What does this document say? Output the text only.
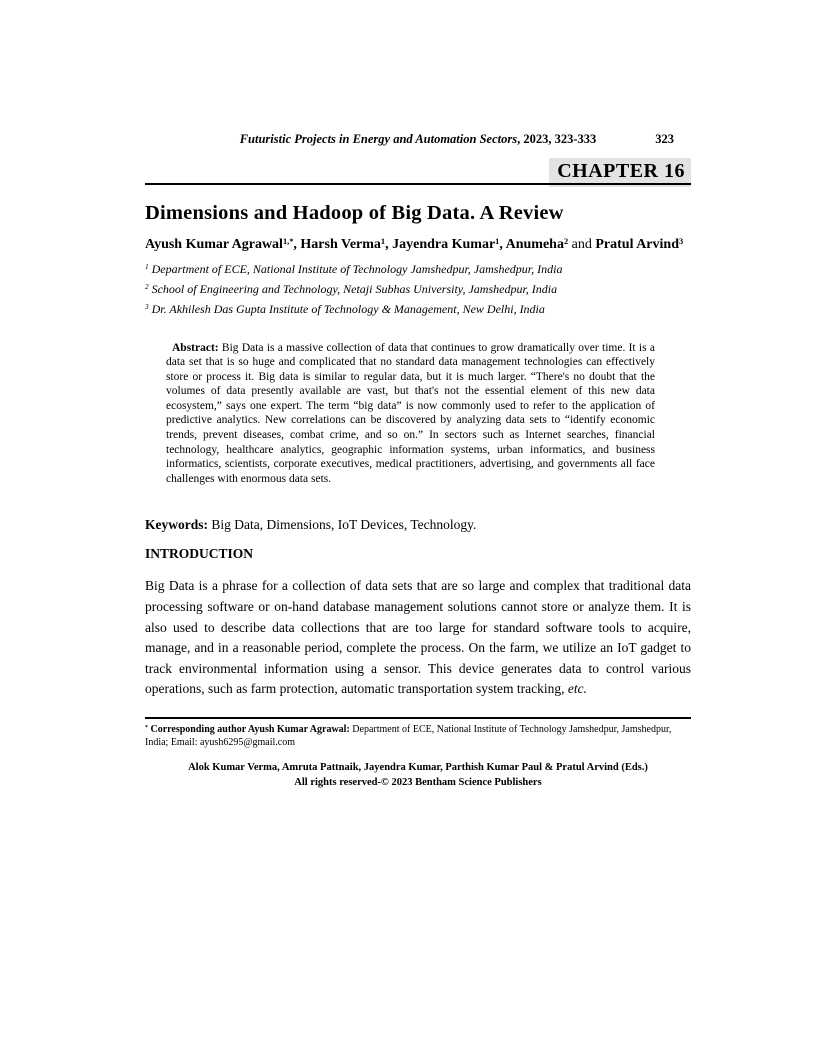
Futuristic Projects in Energy and Automation Sectors, 2023, 323-333	323
CHAPTER 16
Dimensions and Hadoop of Big Data. A Review

Ayush Kumar Agrawal$^{1,*}$, Harsh Verma$^1$, Jayendra Kumar$^1$, Anumeha$^2$ and Pratul Arvind$^3$

$^1$ Department of ECE, National Institute of Technology Jamshedpur, Jamshedpur, India

$^2$ School of Engineering and Technology, Netaji Subhas University, Jamshedpur, India

$^3$ Dr. Akhilesh Das Gupta Institute of Technology & Management, New Delhi, India

Abstract: Big Data is a massive collection of data that continues to grow dramatically over time. It is a data set that is so huge and complicated that no standard data management technologies can effectively store or process it. Big data is similar to regular data, but it is much larger. “There's no doubt that the volumes of data presently available are vast, but that's not the essential element of this new data ecosystem,” says one expert. The term “big data” is now commonly used to refer to the application of predictive analytics. New correlations can be discovered by analyzing data sets to “identify economic trends, prevent diseases, combat crime, and so on.” In sectors such as Internet searches, financial technology, healthcare analytics, geographic information systems, urban informatics, and business informatics, scientists, corporate executives, medical practitioners, advertising, and governments all face challenges with enormous data sets.

Keywords: Big Data, Dimensions, IoT Devices, Technology.

INTRODUCTION

Big Data is a phrase for a collection of data sets that are so large and complex that traditional data processing software or on-hand database management solutions cannot store or analyze them. It is also used to describe data collections that are too large for standard software tools to acquire, manage, and in a reasonable period, complete the process. On the farm, we utilize an IoT gadget to track environmental information using a sensor. This device generates data to control various operations, such as farm protection, automatic transportation system tracking, etc.

* Corresponding author Ayush Kumar Agrawal: Department of ECE, National Institute of Technology Jamshedpur, Jamshedpur, India; Email: ayush6295@gmail.com

Alok Kumar Verma, Amruta Pattnaik, Jayendra Kumar, Parthish Kumar Paul & Pratul Arvind (Eds.)

All rights reserved-© 2023 Bentham Science Publishers
